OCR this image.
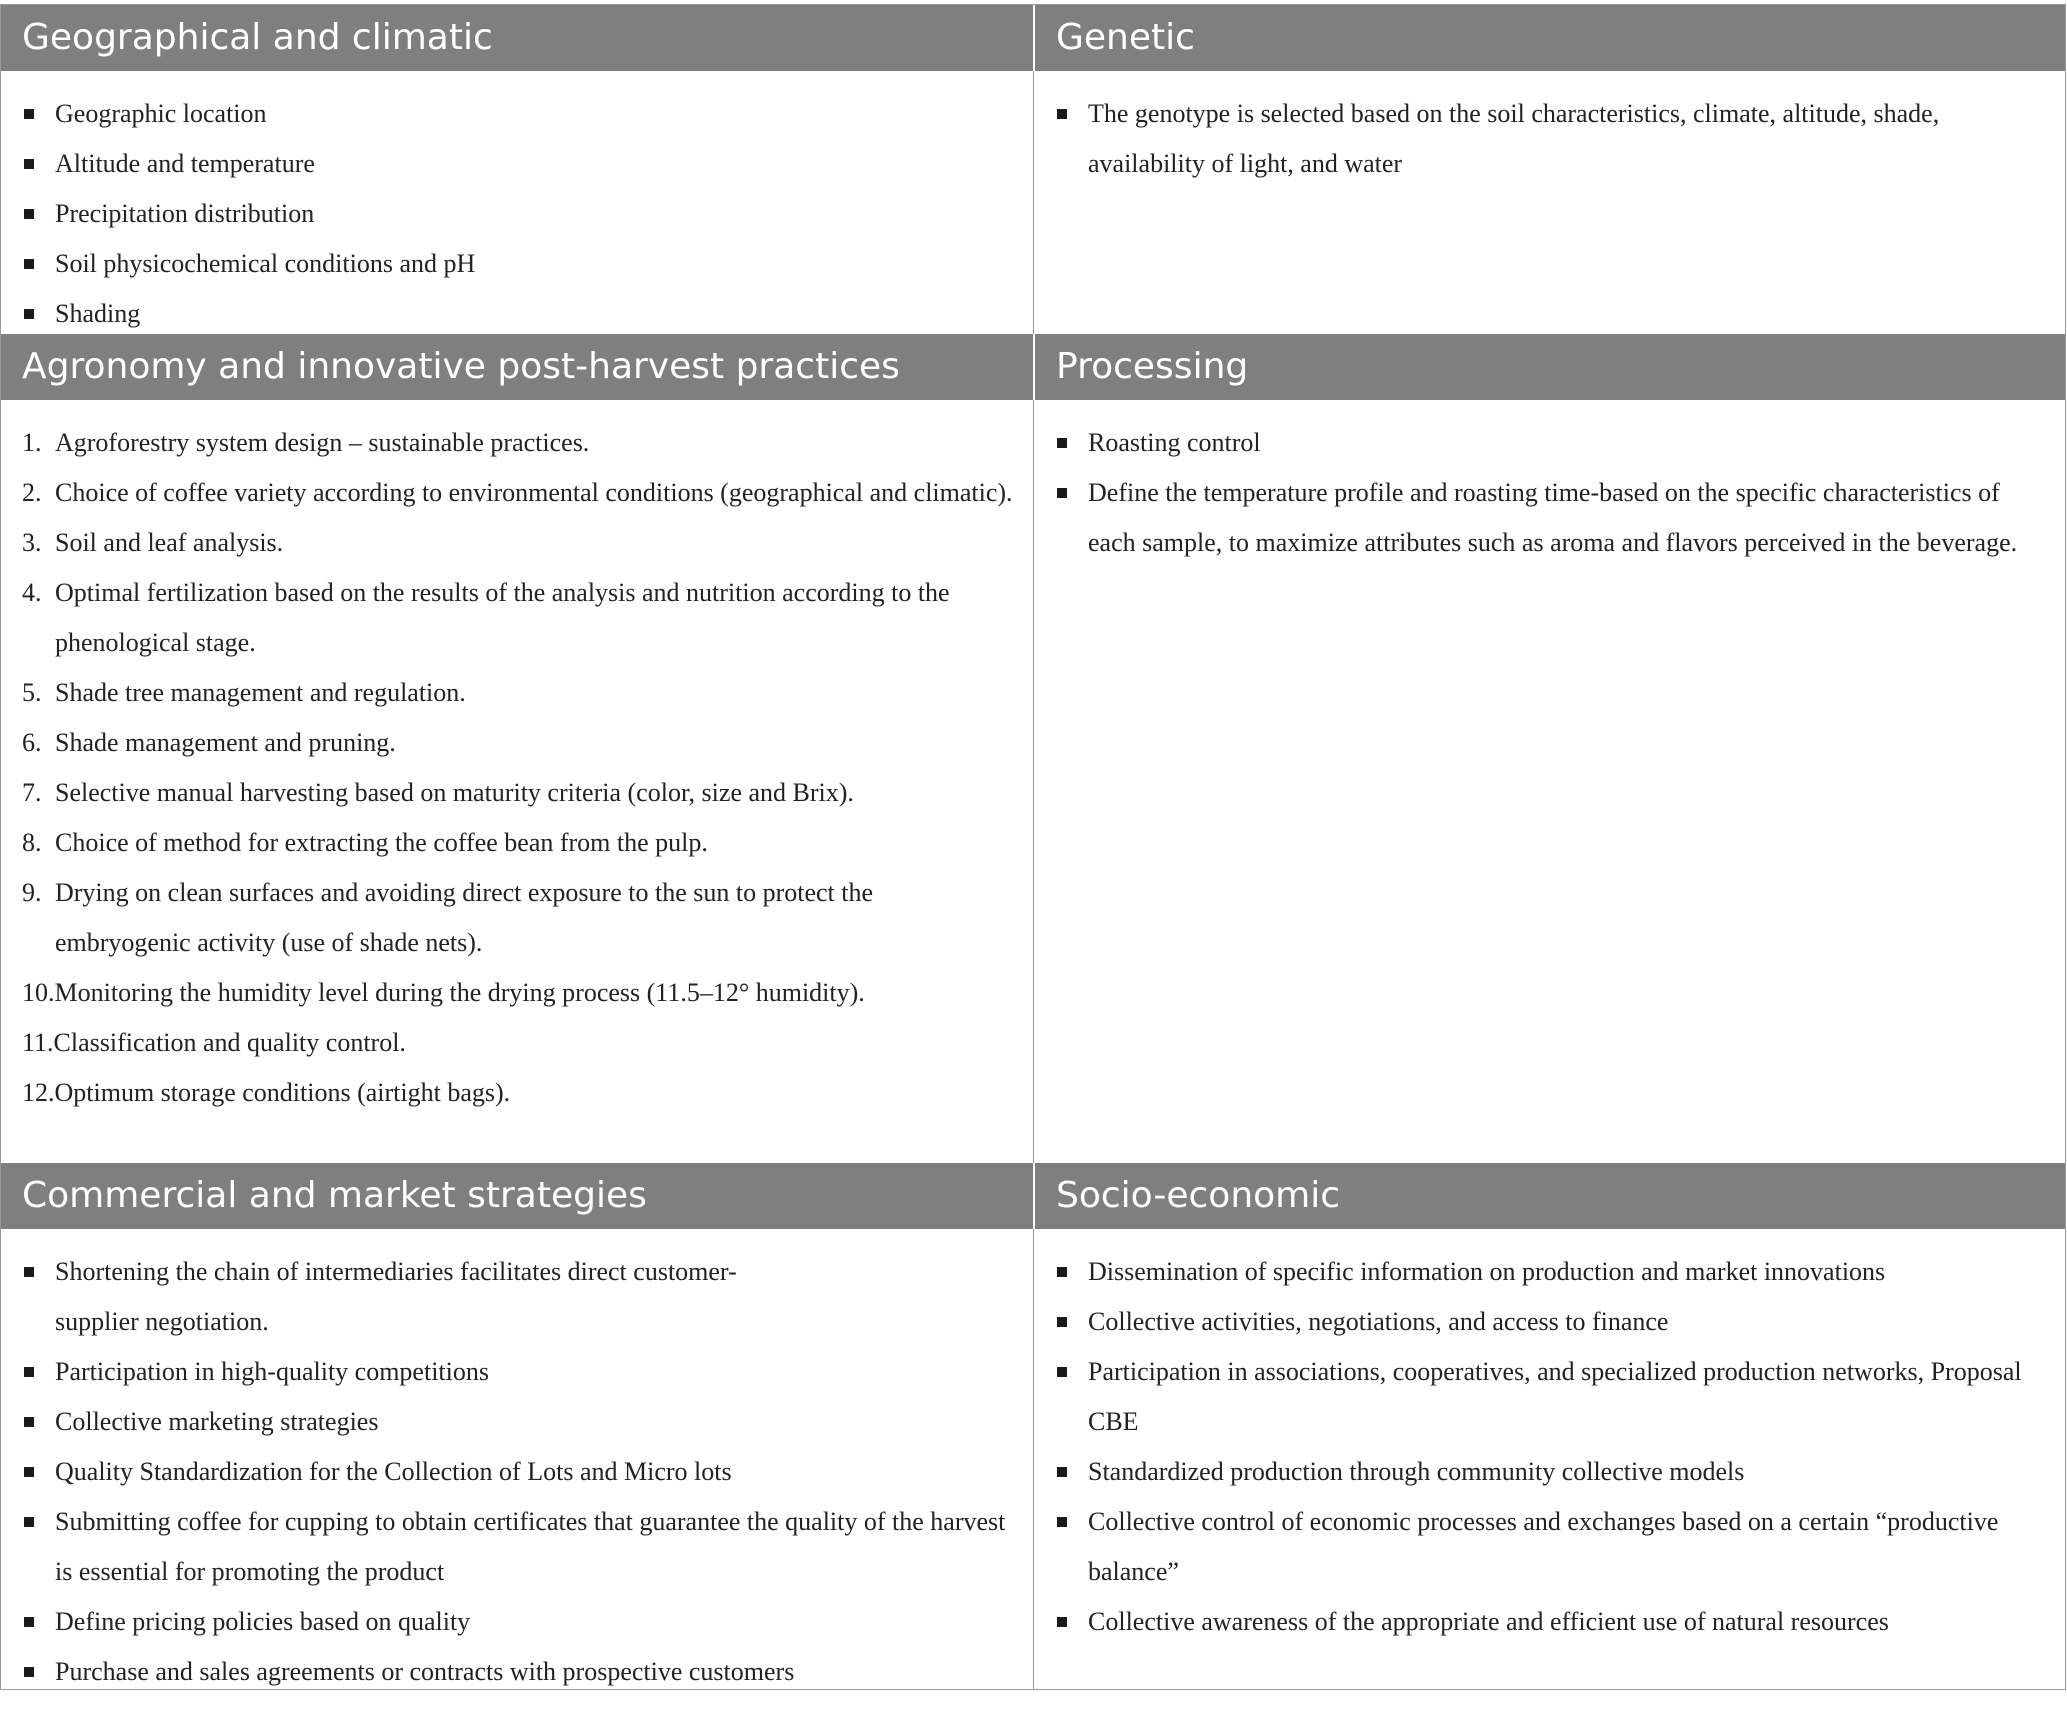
Geographical and climatic	Genetic
Geographic location
Altitude and temperature
Precipitation distribution
Soil physicochemical conditions and pH
Shading
The genotype is selected based on the soil characteristics, climate, altitude, shade, availability of light, and water
Agronomy and innovative post-harvest practices	Processing
1. Agroforestry system design – sustainable practices.
2. Choice of coffee variety according to environmental conditions (geographical and climatic).
3. Soil and leaf analysis.
4. Optimal fertilization based on the results of the analysis and nutrition according to the phenological stage.
5. Shade tree management and regulation.
6. Shade management and pruning.
7. Selective manual harvesting based on maturity criteria (color, size and Brix).
8. Choice of method for extracting the coffee bean from the pulp.
9. Drying on clean surfaces and avoiding direct exposure to the sun to protect the embryogenic activity (use of shade nets).
10.Monitoring the humidity level during the drying process (11.5–12° humidity).
11.Classification and quality control.
12.Optimum storage conditions (airtight bags).
Roasting control
Define the temperature profile and roasting time-based on the specific characteristics of each sample, to maximize attributes such as aroma and flavors perceived in the beverage.
Commercial and market strategies	Socio-economic
Shortening the chain of intermediaries facilitates direct customer-supplier negotiation.
Participation in high-quality competitions
Collective marketing strategies
Quality Standardization for the Collection of Lots and Micro lots
Submitting coffee for cupping to obtain certificates that guarantee the quality of the harvest is essential for promoting the product
Define pricing policies based on quality
Purchase and sales agreements or contracts with prospective customers
Dissemination of specific information on production and market innovations
Collective activities, negotiations, and access to finance
Participation in associations, cooperatives, and specialized production networks, Proposal CBE
Standardized production through community collective models
Collective control of economic processes and exchanges based on a certain “productive balance”
Collective awareness of the appropriate and efficient use of natural resources
